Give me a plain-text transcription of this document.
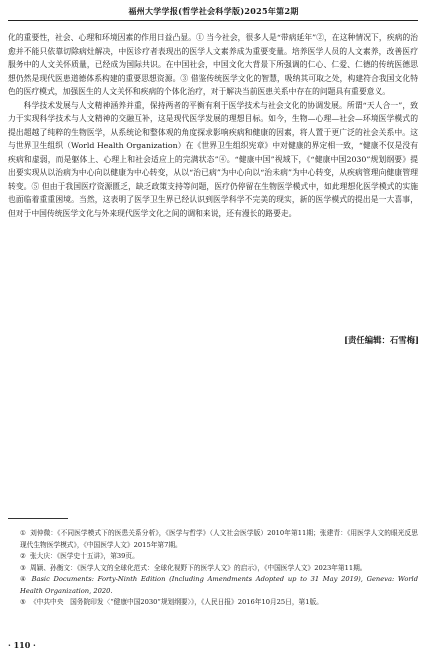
福州大学学报(哲学社会科学版)2025年第2期

化的重要性，社会、心理和环境因素的作用日益凸显。① 当今社会，很多人是“带病延年”②，在这种情况下，疾病的治愈并不能只依靠切除病灶解决，中医诊疗者表现出的医学人文素养成为重要变量。培养医学人员的人文素养，改善医疗服务中的人文关怀质量，已经成为国际共识。在中国社会，中国文化大背景下所强调的仁心、仁爱、仁德的传统医德思想仍然是现代医患道德体系构建的重要思想资源。③ 借鉴传统医学文化的智慧，吸纳其可取之处，构建符合我国文化特色的医疗模式，加强医生的人文关怀和疾病的个体化治疗，对于解决当前医患关系中存在的问题具有重要意义。

科学技术发展与人文精神涵养并重，保持两者的平衡有利于医学技术与社会文化的协调发展。所谓“天人合一”，致力于实现科学技术与人文精神的交融互补，这是现代医学发展的理想目标。如今，生物—心理—社会—环境医学模式的提出超越了纯粹的生物医学，从系统论和整体观的角度探求影响疾病和健康的因素，将人置于更广泛的社会关系中。这与世界卫生组织（World Health Organization）在《世界卫生组织宪章》中对健康的界定相一致，“健康不仅是没有疾病和虚弱，而是躯体上、心理上和社会适应上的完满状态”④。“健康中国”视域下，《“健康中国2030”规划纲要》提出要实现从以治病为中心向以健康为中心转变，从以“治已病”为中心向以“治未病”为中心转变，从疾病管理向健康管理转变。⑤ 但由于我国医疗资源匮乏，缺乏政策支持等问题，医疗仍停留在生物医学模式中，如此理想化医学模式的实施也面临着重重困境。当然，这表明了医学卫生界已经认识到医学科学不完美的现实，新的医学模式的提出是一大喜事，但对于中国传统医学文化与外来现代医学文化之间的调和来说，还有漫长的路要走。

[责任编辑：石雪梅]

① 刘仲微：《不同医学模式下的医患关系分析》，《医学与哲学》（人文社会医学版）2010年第11期；张建青：《用医学人文的眼光反思现代生物医学模式》，《中国医学人文》2015年第7期。

② 张大庆：《医学史十五讲》，第39页。

③ 周颖、孙衡文：《医学人文的全球化范式：全球化视野下的医学人文》的启示》，《中国医学人文》2023年第11期。

④ Basic Documents: Forty-Ninth Edition (Including Amendments Adopted up to 31 May 2019), Geneva: World Health Organization, 2020.

⑤ 《中共中央　国务院印发〈“健康中国2030”规划纲要〉》，《人民日报》2016年10月25日，第1版。

· 110 ·
